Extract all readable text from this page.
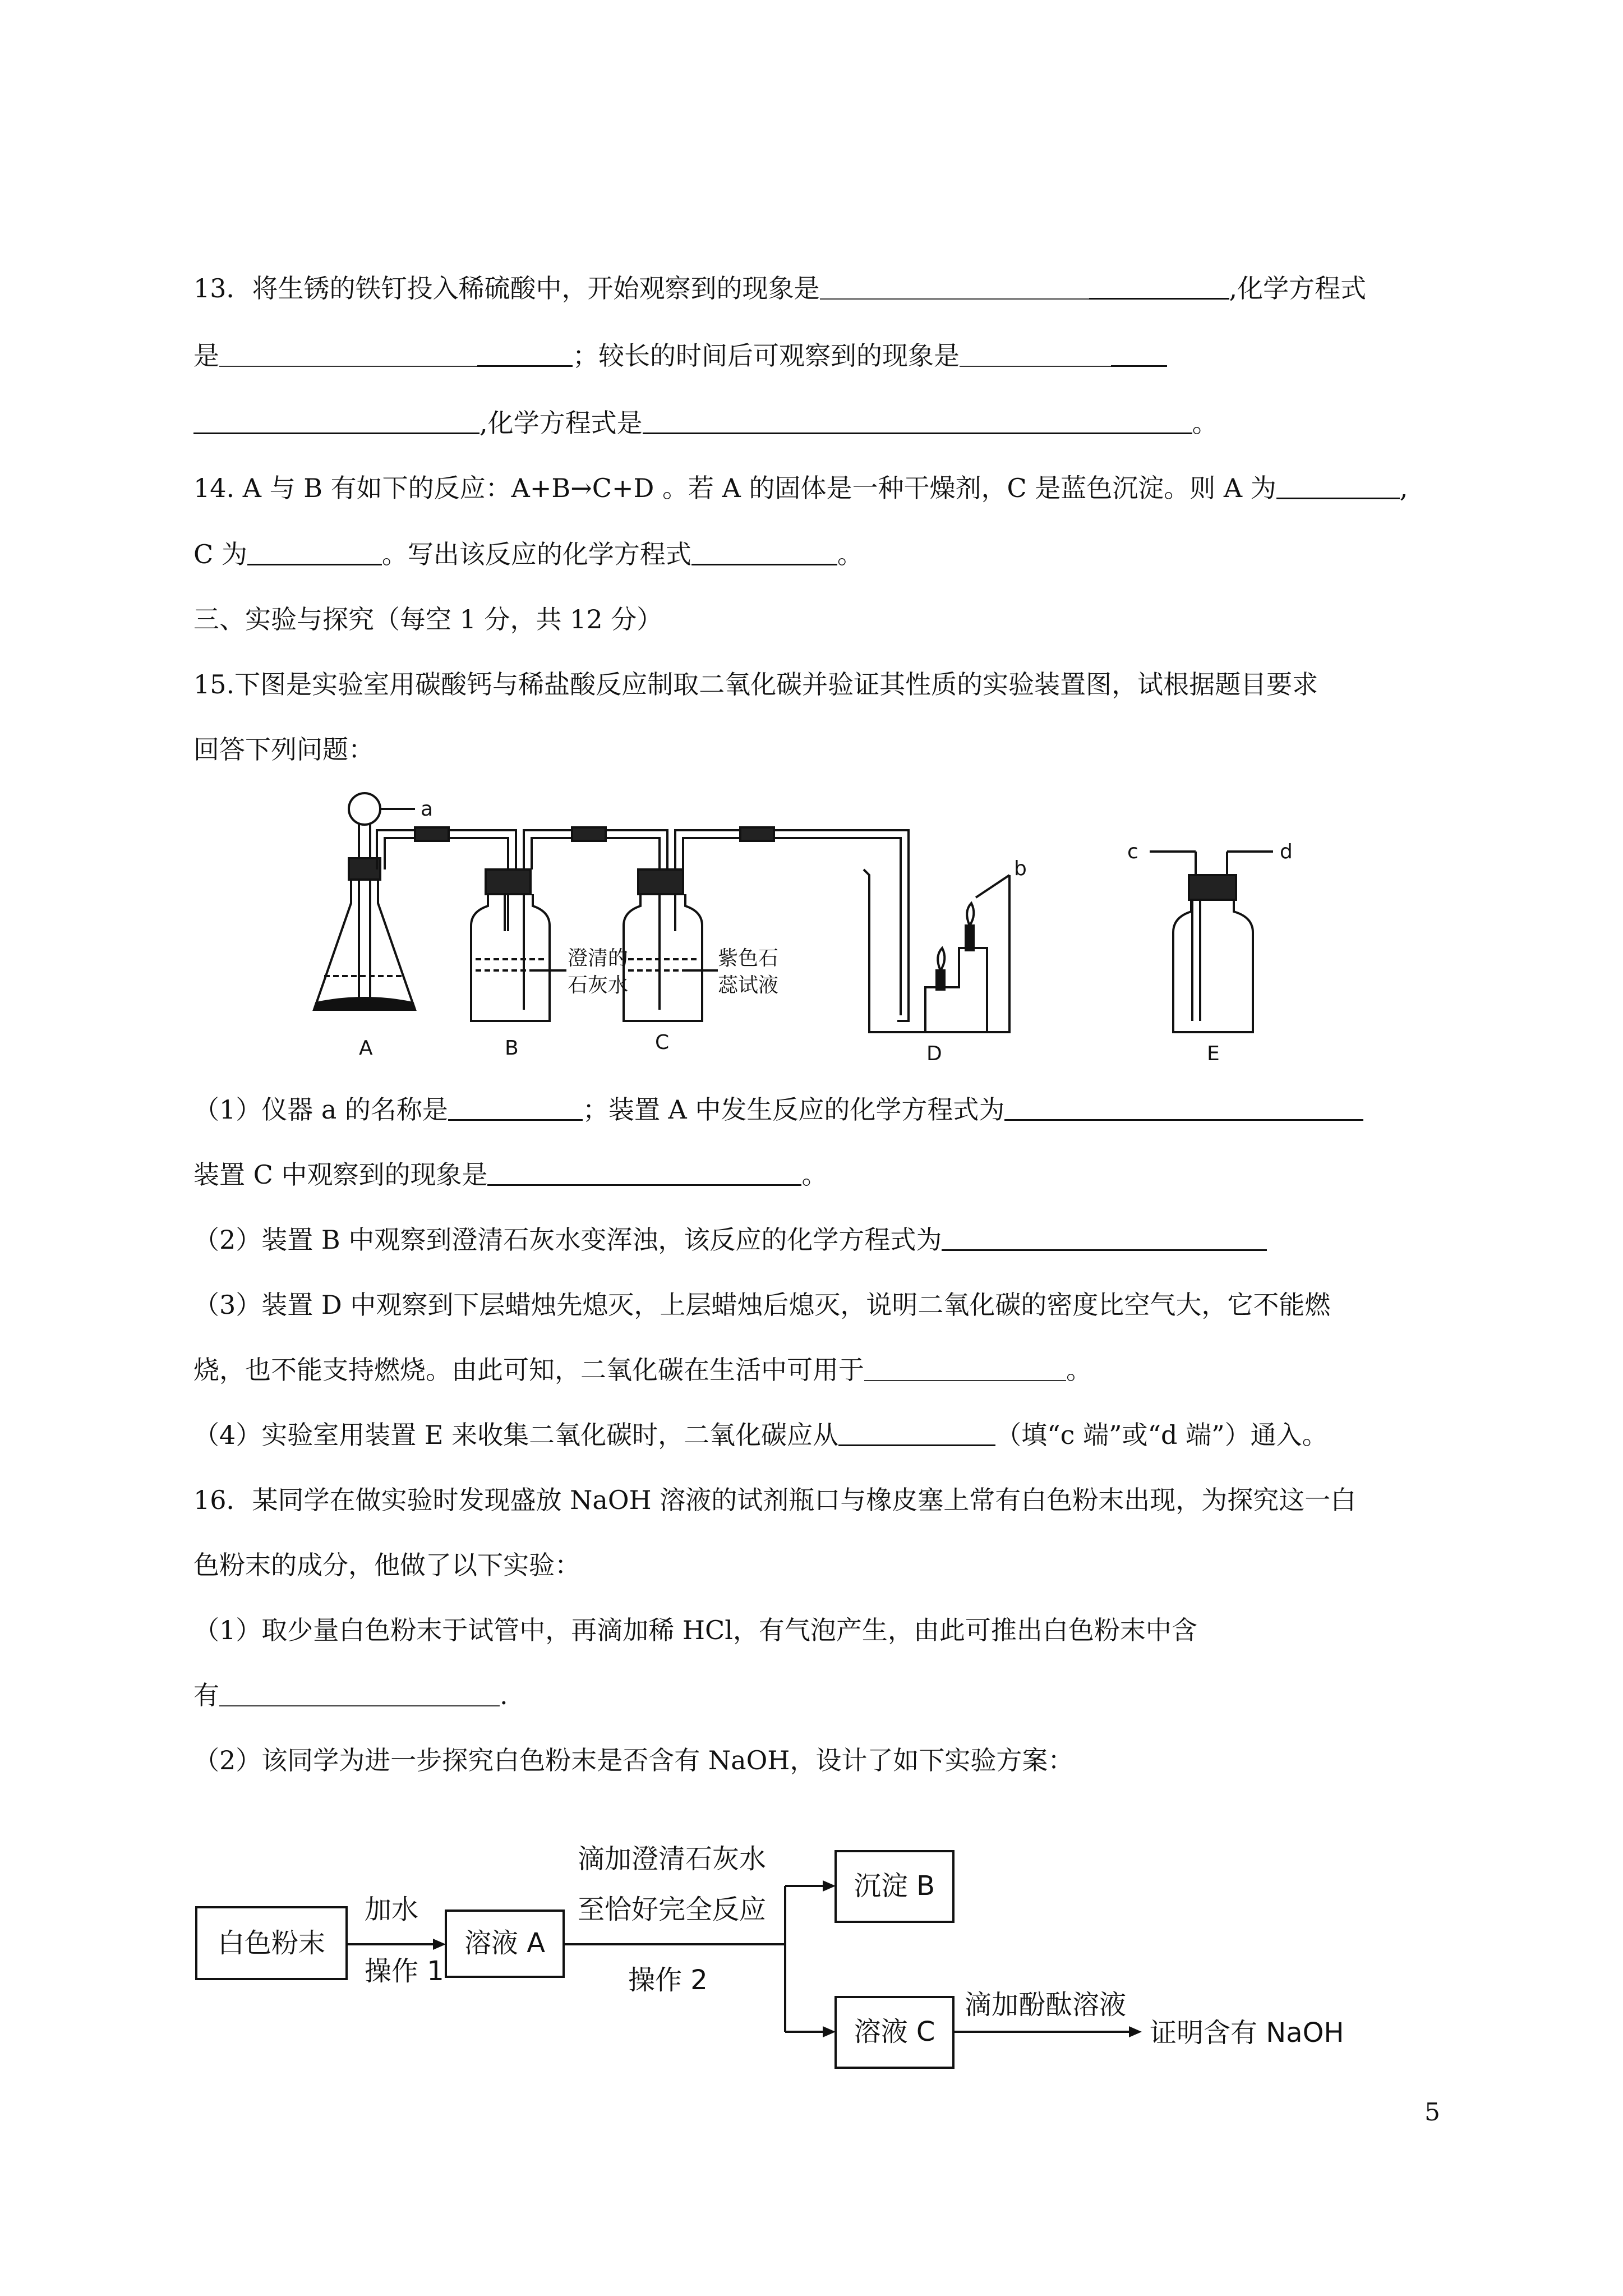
13．将生锈的铁钉投入稀硫酸中，开始观察到的现象是	,化学方程式
是	；较长的时间后可观察到的现象是
,化学方程式是	。
14. A 与 B 有如下的反应：A+B→C+D 。若 A 的固体是一种干燥剂，C 是蓝色沉淀。则 A 为	,
C 为	。写出该反应的化学方程式	。
三、实验与探究（每空 1 分，共 12 分）
15.下图是实验室用碳酸钙与稀盐酸反应制取二氧化碳并验证其性质的实验装置图，试根据题目要求
回答下列问题：
a
b
c	d
澄清的
石灰水
紫色石
蕊试液
A	B	C	D	E
（1）仪器 a 的名称是	；装置 A 中发生反应的化学方程式为
装置 C 中观察到的现象是	。
（2）装置 B 中观察到澄清石灰水变浑浊，该反应的化学方程式为
（3）装置 D 中观察到下层蜡烛先熄灭，上层蜡烛后熄灭，说明二氧化碳的密度比空气大，它不能燃
烧，也不能支持燃烧。由此可知，二氧化碳在生活中可用于	。
（4）实验室用装置 E 来收集二氧化碳时，二氧化碳应从	（填“c 端”或“d 端”）通入。
16．某同学在做实验时发现盛放 NaOH 溶液的试剂瓶口与橡皮塞上常有白色粉末出现，为探究这一白
色粉末的成分，他做了以下实验：
（1）取少量白色粉末于试管中，再滴加稀 HCl，有气泡产生，由此可推出白色粉末中含
有	.
（2）该同学为进一步探究白色粉末是否含有 NaOH，设计了如下实验方案：
白色粉末
加水
操作 1
溶液 A
滴加澄清石灰水
至恰好完全反应
操作 2
沉淀 B
溶液 C
滴加酚酞溶液
证明含有 NaOH
5
